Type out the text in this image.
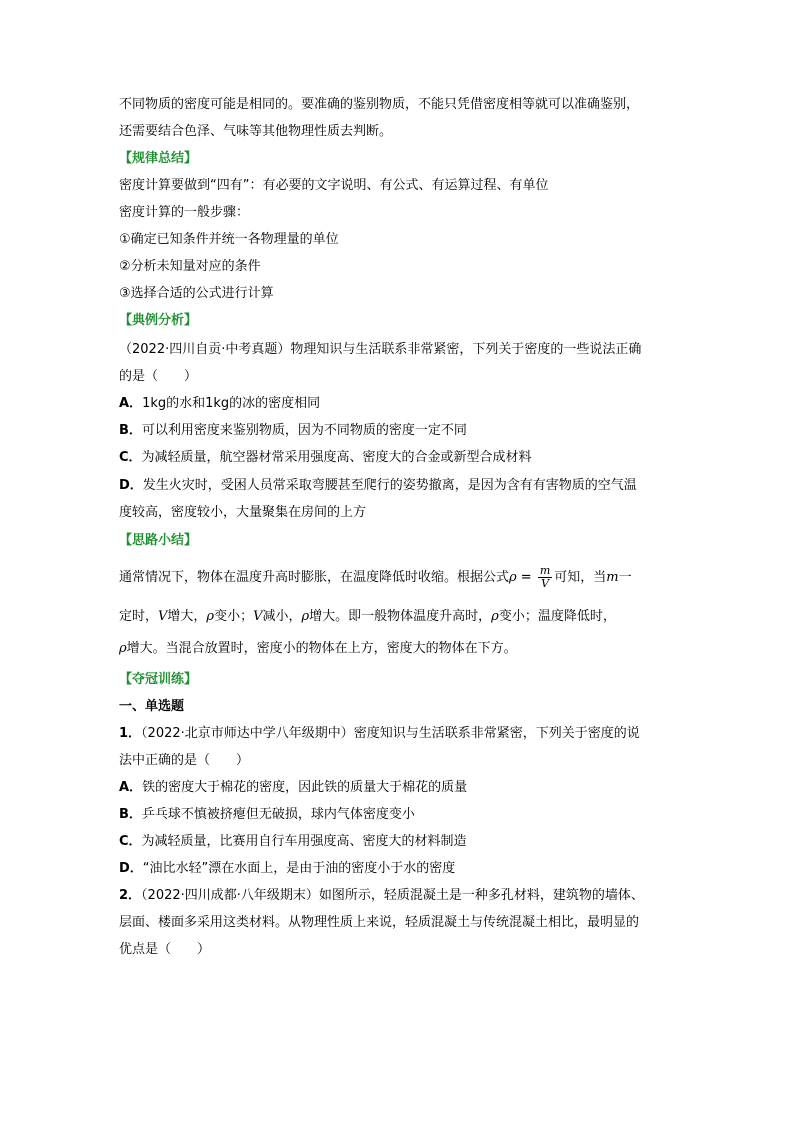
不同物质的密度可能是相同的。要准确的鉴别物质，不能只凭借密度相等就可以准确鉴别，
还需要结合色泽、气味等其他物理性质去判断。
【规律总结】
密度计算要做到“四有”：有必要的文字说明、有公式、有运算过程、有单位
密度计算的一般步骤：
①确定已知条件并统一各物理量的单位
②分析未知量对应的条件
③选择合适的公式进行计算
【典例分析】
（2022·四川自贡·中考真题）物理知识与生活联系非常紧密，下列关于密度的一些说法正确
的是（　　）
A．1kg的水和1kg的冰的密度相同
B．可以利用密度来鉴别物质，因为不同物质的密度一定不同
C．为减轻质量，航空器材常采用强度高、密度大的合金或新型合成材料
D．发生火灾时，受困人员常采取弯腰甚至爬行的姿势撤离，是因为含有有害物质的空气温
度较高，密度较小，大量聚集在房间的上方
【思路小结】
通常情况下，物体在温度升高时膨胀，在温度降低时收缩。根据公式$\rho = \frac{m}{V}$ 可知，当m一
定时，V增大，ρ变小；V减小，ρ增大。即一般物体温度升高时，ρ变小；温度降低时，
ρ增大。当混合放置时，密度小的物体在上方，密度大的物体在下方。
【夺冠训练】
一、单选题
1．（2022·北京市师达中学八年级期中）密度知识与生活联系非常紧密，下列关于密度的说
法中正确的是（　　）
A．铁的密度大于棉花的密度，因此铁的质量大于棉花的质量
B．乒乓球不慎被挤瘪但无破损，球内气体密度变小
C．为减轻质量，比赛用自行车用强度高、密度大的材料制造
D．“油比水轻”漂在水面上，是由于油的密度小于水的密度
2．（2022·四川成都·八年级期末）如图所示，轻质混凝土是一种多孔材料，建筑物的墙体、
层面、楼面多采用这类材料。从物理性质上来说，轻质混凝土与传统混凝土相比，最明显的
优点是（　　）
